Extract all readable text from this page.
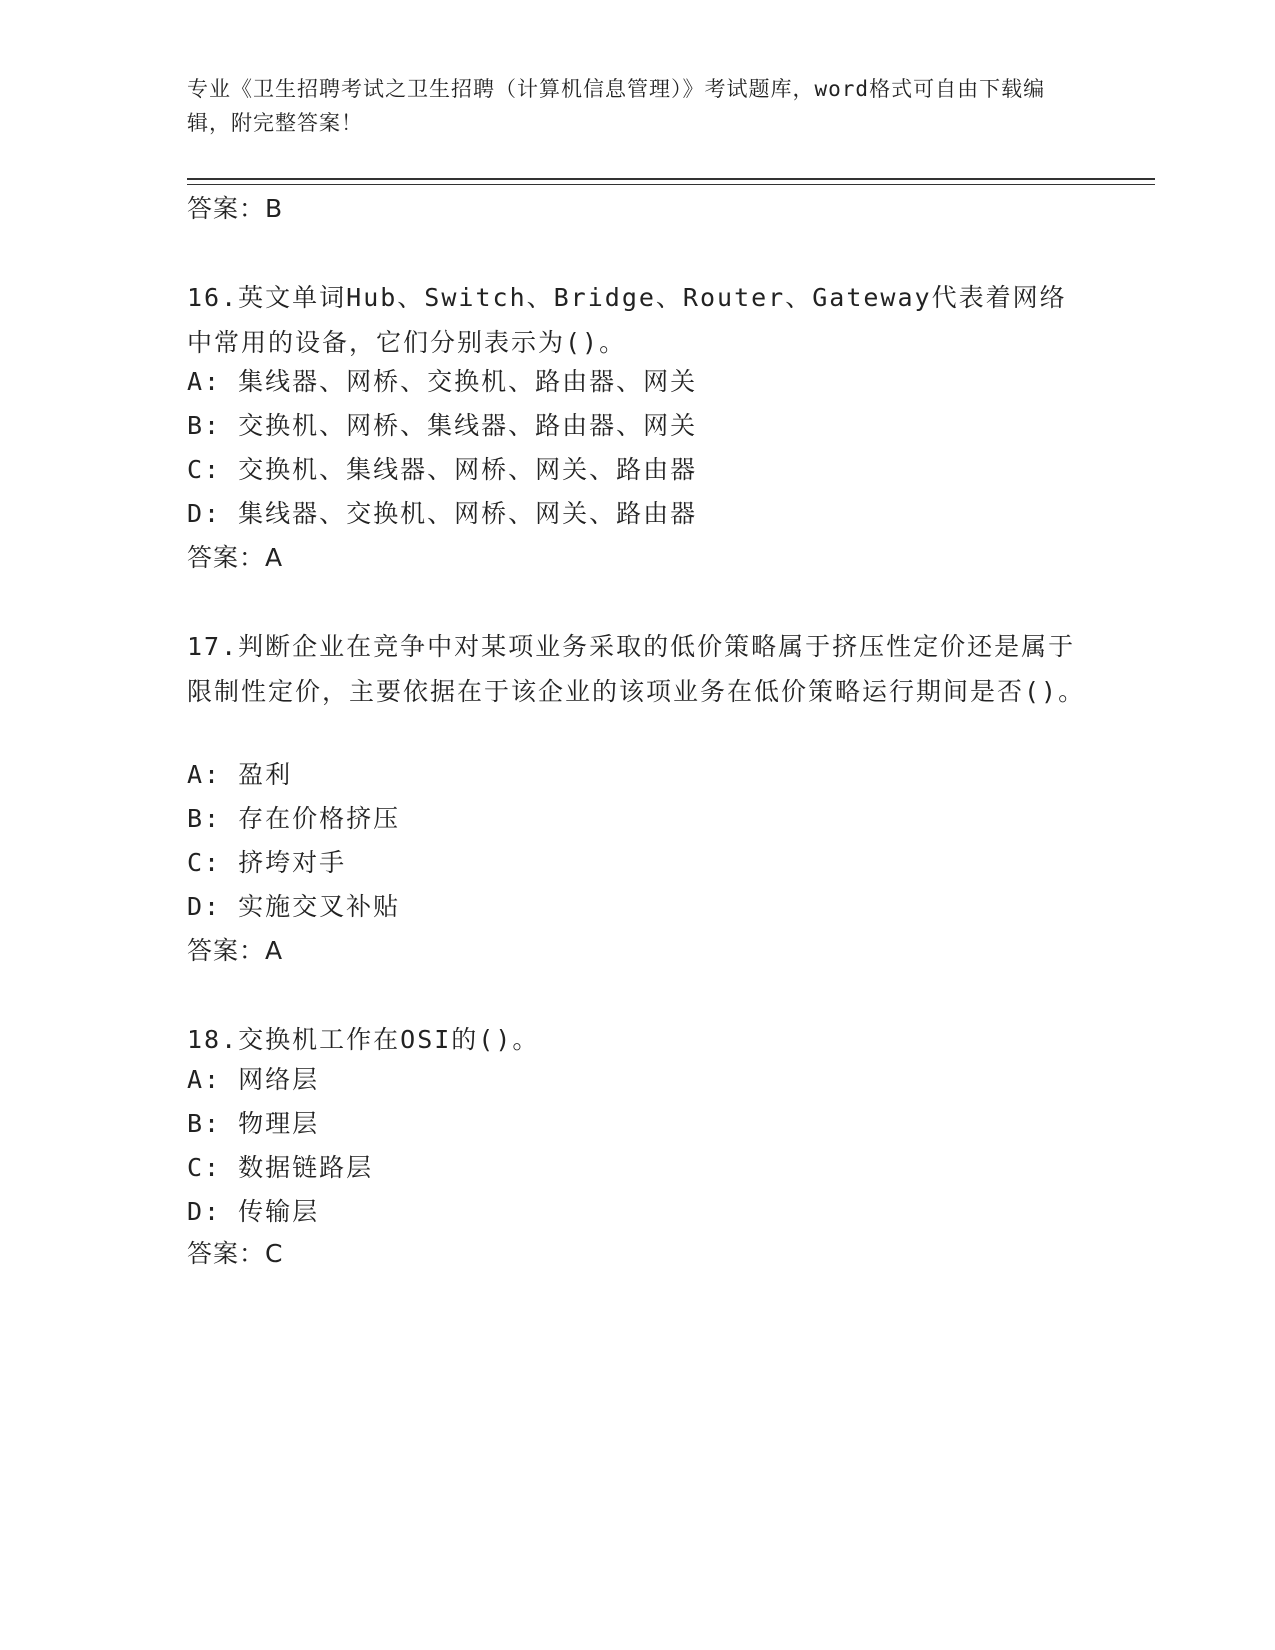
专业《卫生招聘考试之卫生招聘（计算机信息管理）》考试题库，word格式可自由下载编辑，附完整答案！
答案：B
16.英文单词Hub、Switch、Bridge、Router、Gateway代表着网络中常用的设备，它们分别表示为()。
A: 集线器、网桥、交换机、路由器、网关
B: 交换机、网桥、集线器、路由器、网关
C: 交换机、集线器、网桥、网关、路由器
D: 集线器、交换机、网桥、网关、路由器
答案：A
17.判断企业在竞争中对某项业务采取的低价策略属于挤压性定价还是属于限制性定价，主要依据在于该企业的该项业务在低价策略运行期间是否()。
A: 盈利
B: 存在价格挤压
C: 挤垮对手
D: 实施交叉补贴
答案：A
18.交换机工作在OSI的()。
A: 网络层
B: 物理层
C: 数据链路层
D: 传输层
答案：C
